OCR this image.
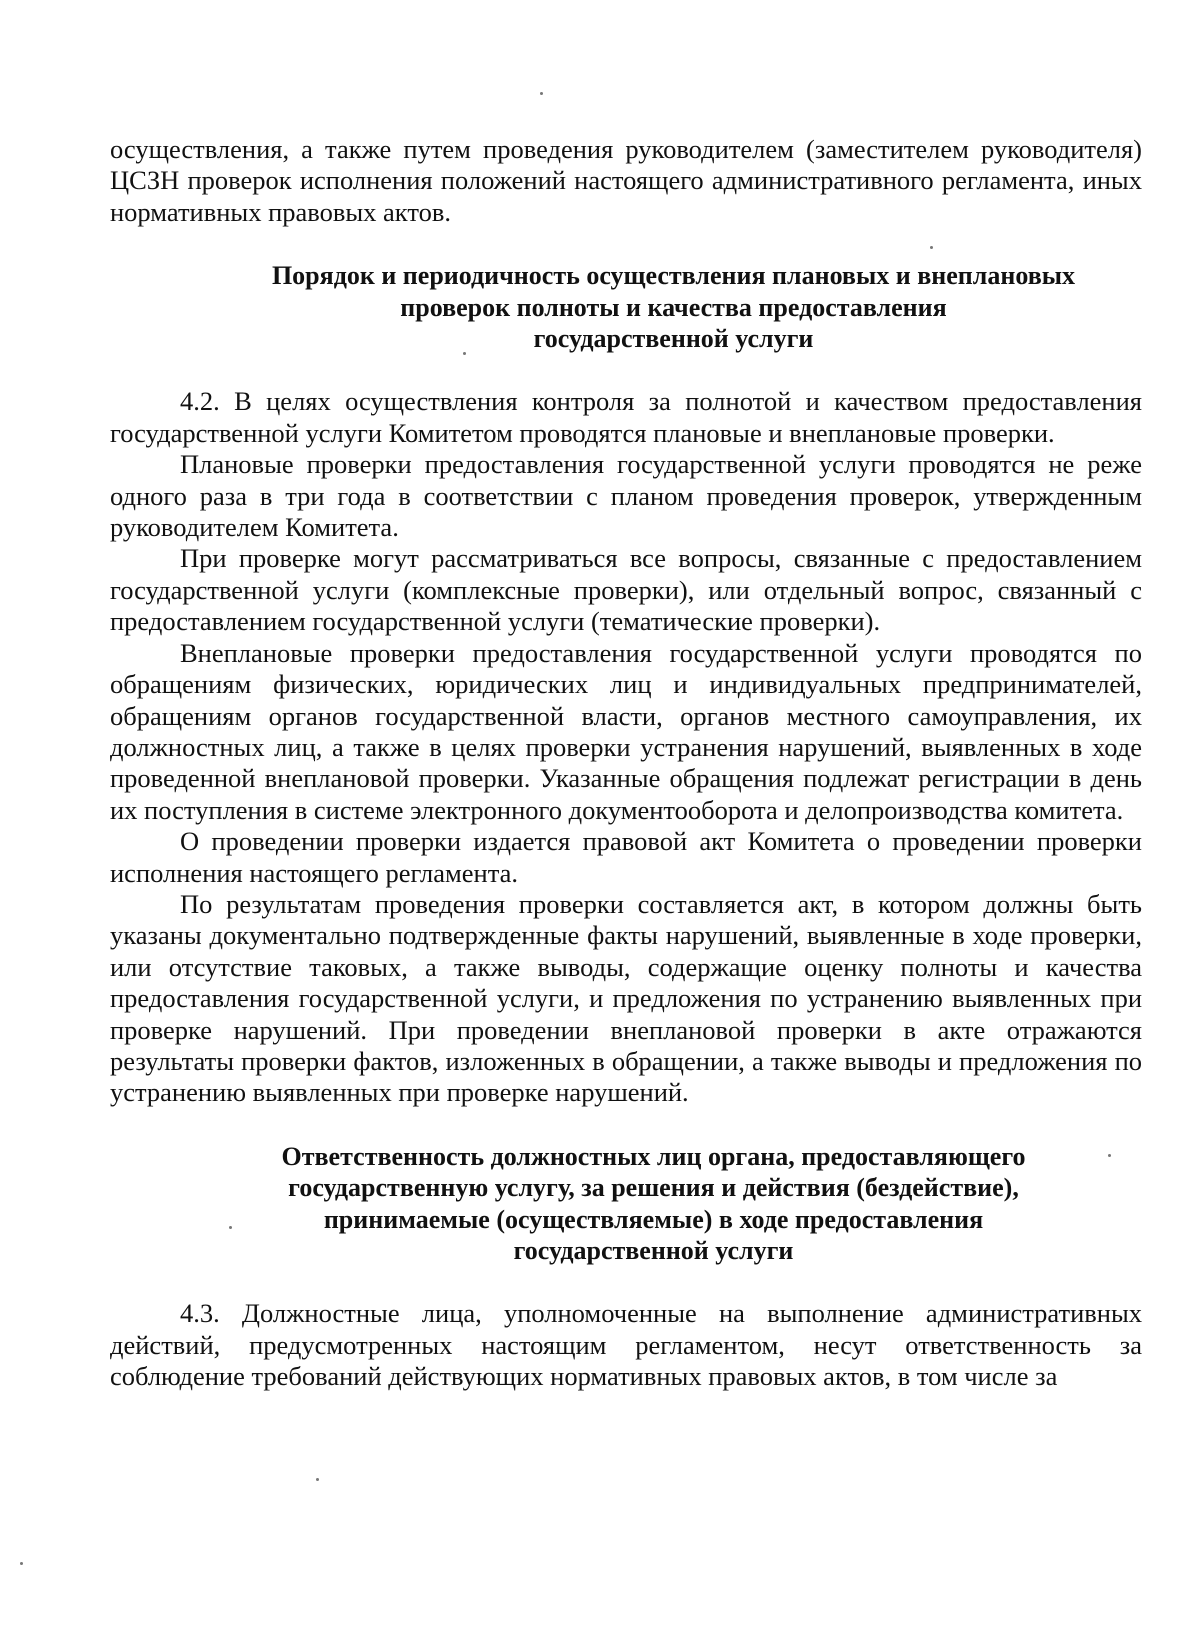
осуществления, а также путем проведения руководителем (заместителем руководителя) ЦСЗН проверок исполнения положений настоящего административного регламента, иных нормативных правовых актов.

Порядок и периодичность осуществления плановых и внеплановых
проверок полноты и качества предоставления
государственной услуги

4.2. В целях осуществления контроля за полнотой и качеством предоставления государственной услуги Комитетом проводятся плановые и внеплановые проверки.

Плановые проверки предоставления государственной услуги проводятся не реже одного раза в три года в соответствии с планом проведения проверок, утвержденным руководителем Комитета.

При проверке могут рассматриваться все вопросы, связанные с предоставлением государственной услуги (комплексные проверки), или отдельный вопрос, связанный с предоставлением государственной услуги (тематические проверки).

Внеплановые проверки предоставления государственной услуги проводятся по обращениям физических, юридических лиц и индивидуальных предпринимателей, обращениям органов государственной власти, органов местного самоуправления, их должностных лиц, а также в целях проверки устранения нарушений, выявленных в ходе проведенной внеплановой проверки. Указанные обращения подлежат регистрации в день их поступления в системе электронного документооборота и делопроизводства комитета.

О проведении проверки издается правовой акт Комитета о проведении проверки исполнения настоящего регламента.

По результатам проведения проверки составляется акт, в котором должны быть указаны документально подтвержденные факты нарушений, выявленные в ходе проверки, или отсутствие таковых, а также выводы, содержащие оценку полноты и качества предоставления государственной услуги, и предложения по устранению выявленных при проверке нарушений. При проведении внеплановой проверки в акте отражаются результаты проверки фактов, изложенных в обращении, а также выводы и предложения по устранению выявленных при проверке нарушений.

Ответственность должностных лиц органа, предоставляющего
государственную услугу, за решения и действия (бездействие),
принимаемые (осуществляемые) в ходе предоставления
государственной услуги

4.3. Должностные лица, уполномоченные на выполнение административных действий, предусмотренных настоящим регламентом, несут ответственность за соблюдение требований действующих нормативных правовых актов, в том числе за
